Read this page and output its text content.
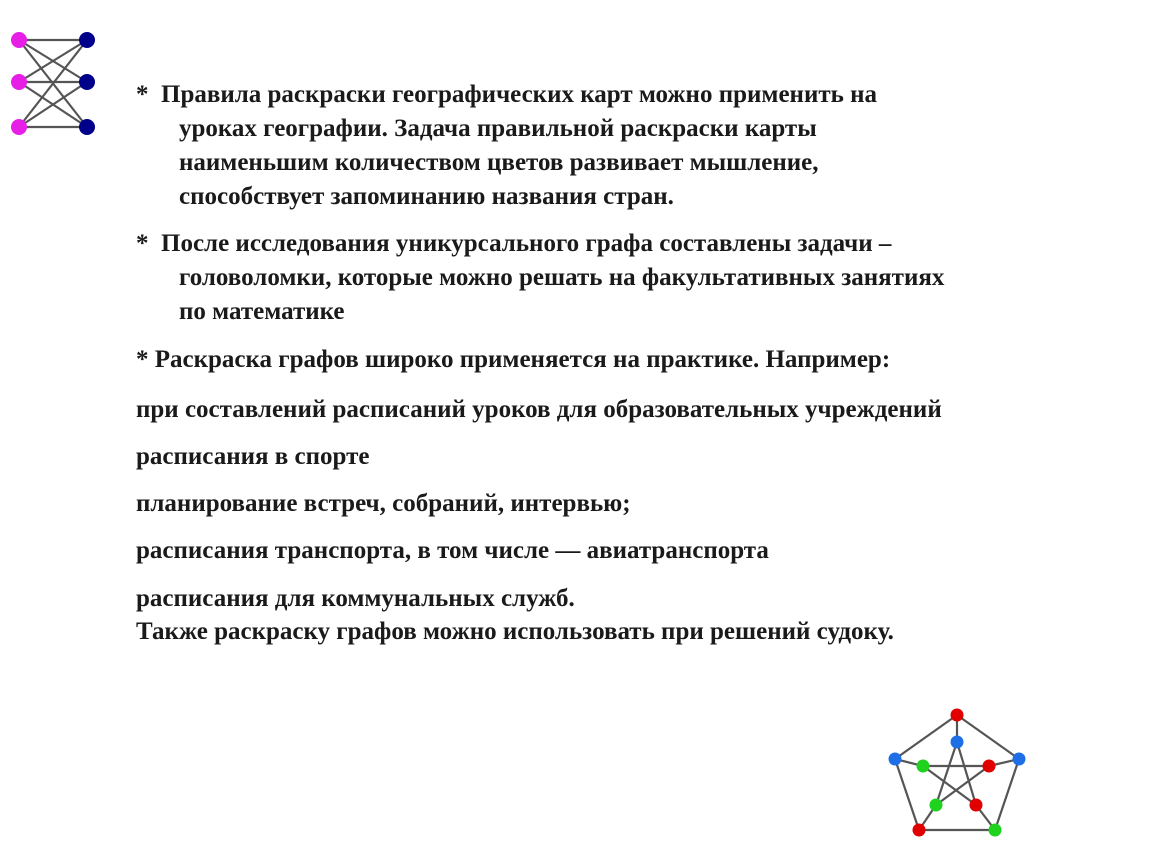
* Правила раскраски географических карт можно применить на
уроках географии. Задача правильной раскраски карты
наименьшим количеством цветов развивает мышление,
способствует запоминанию названия стран.
* После исследования уникурсального графа составлены задачи –
головоломки, которые можно решать на факультативных занятиях
по математике

* Раскраска графов широко применяется на практике. Например:

при составлений расписаний уроков для образовательных учреждений

расписания в спорте

планирование встреч, собраний, интервью;

расписания транспорта, в том числе — авиатранспорта

расписания для коммунальных служб.

Также раскраску графов можно использовать при решений судоку.
